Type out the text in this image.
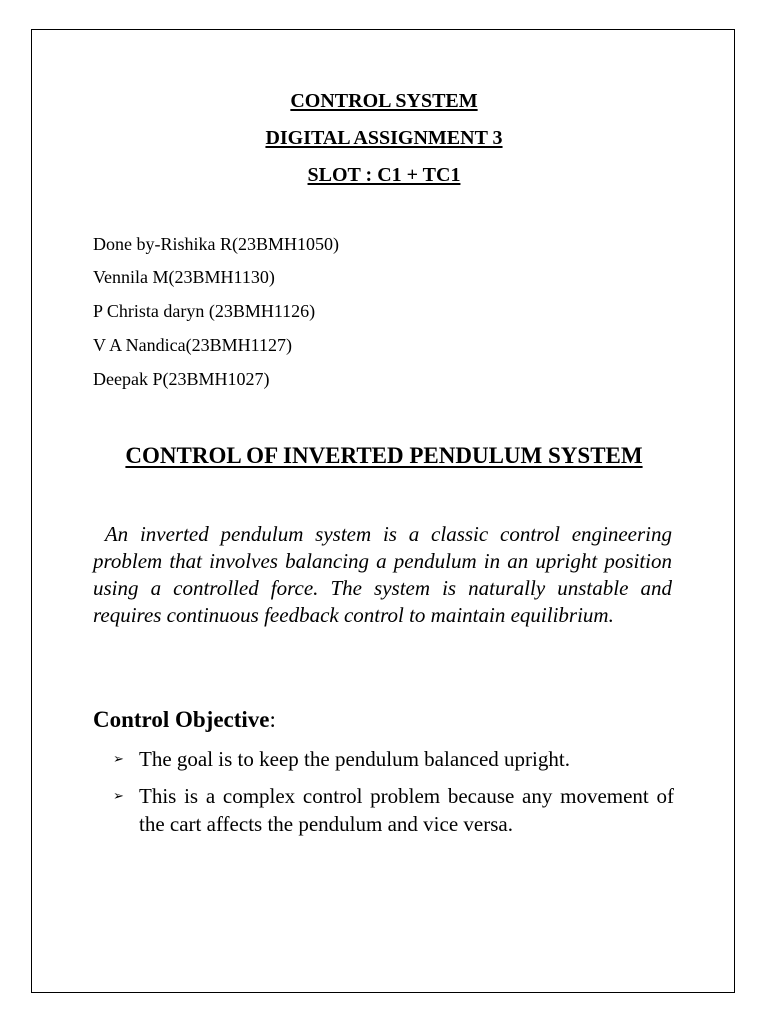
CONTROL SYSTEM
DIGITAL ASSIGNMENT 3
SLOT : C1 + TC1
Done by-Rishika R(23BMH1050)
Vennila M(23BMH1130)
P Christa daryn (23BMH1126)
V A Nandica(23BMH1127)
Deepak P(23BMH1027)
CONTROL OF INVERTED PENDULUM SYSTEM

An inverted pendulum system is a classic control engineering problem that involves balancing a pendulum in an upright position using a controlled force. The system is naturally unstable and requires continuous feedback control to maintain equilibrium.

Control Objective:
➢ The goal is to keep the pendulum balanced upright.
➢ This is a complex control problem because any movement of the cart affects the pendulum and vice versa.
